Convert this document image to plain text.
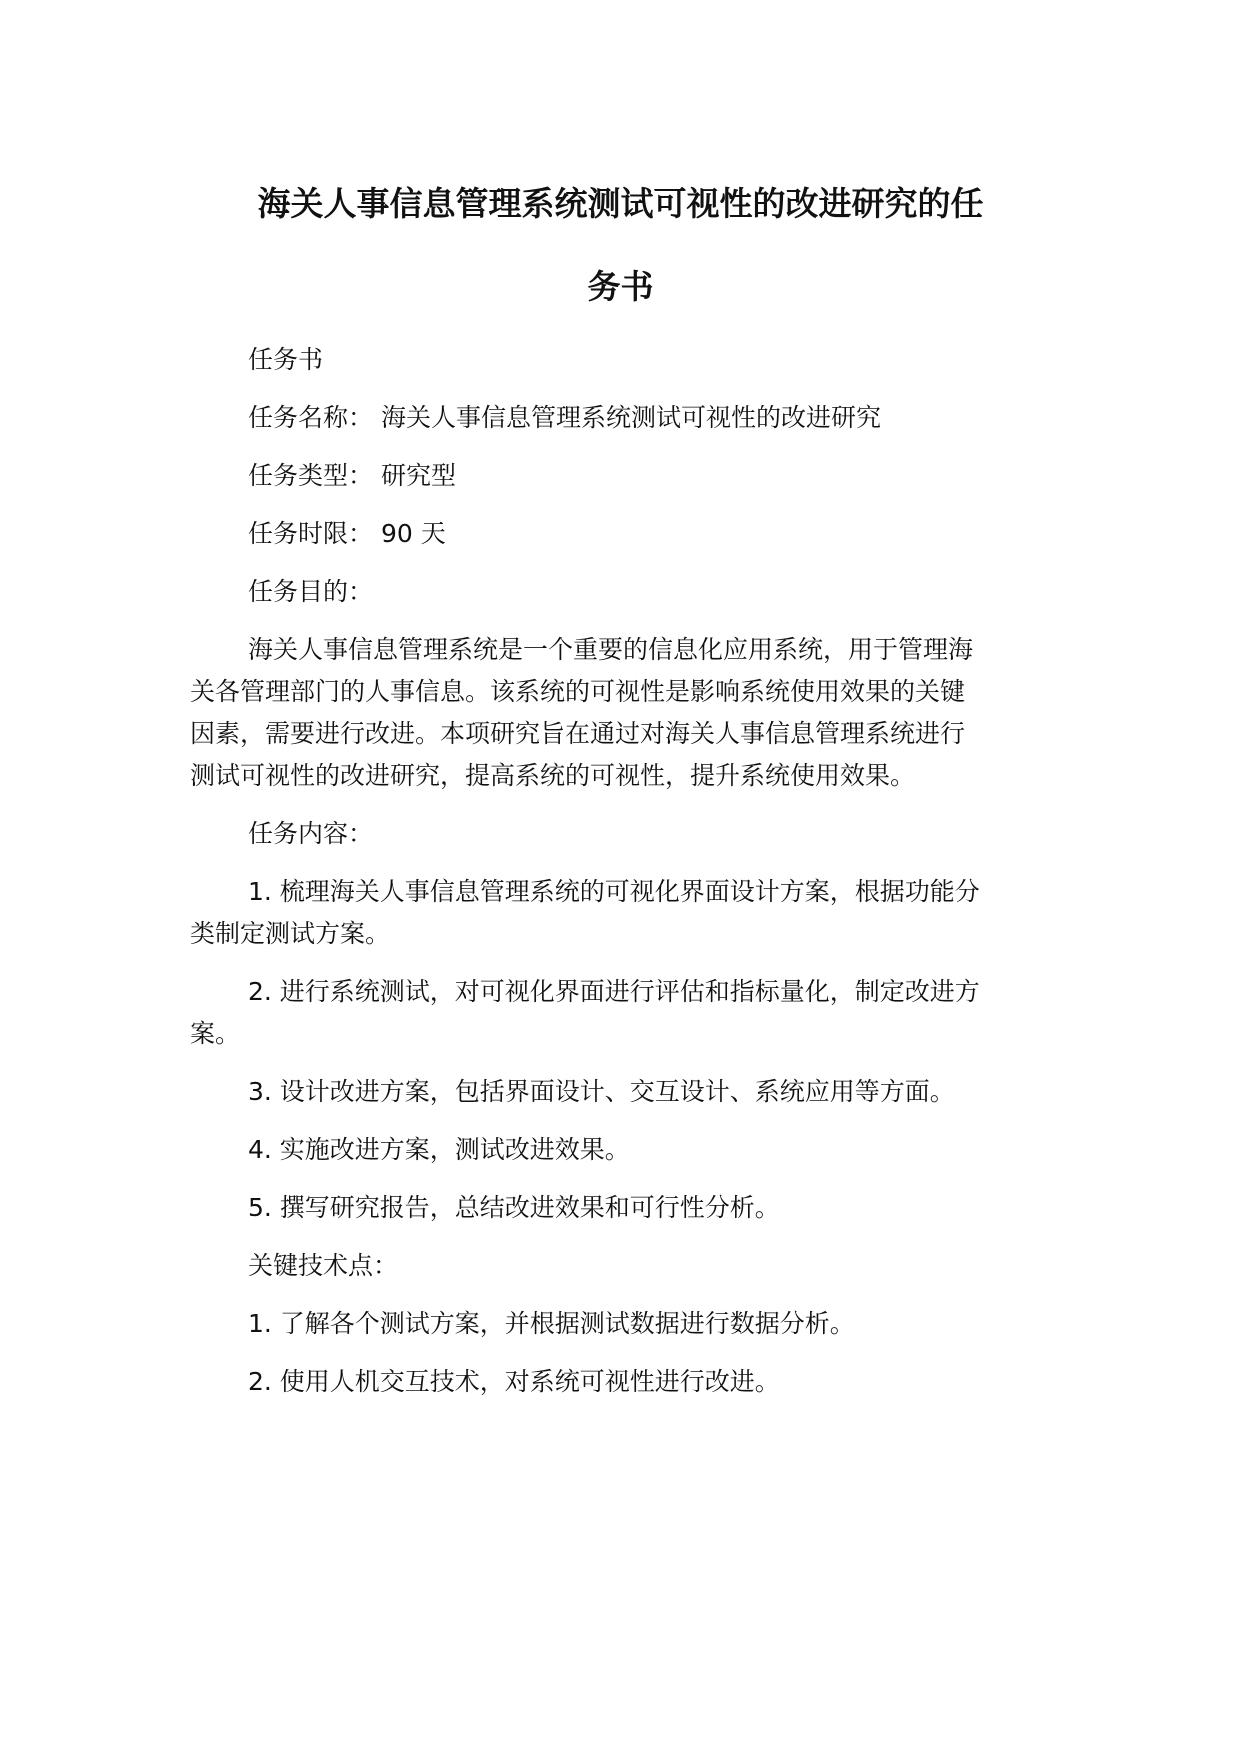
海关人事信息管理系统测试可视性的改进研究的任
务书

任务书

任务名称： 海关人事信息管理系统测试可视性的改进研究

任务类型： 研究型

任务时限： 90 天

任务目的：

海关人事信息管理系统是一个重要的信息化应用系统，用于管理海

关各管理部门的人事信息。该系统的可视性是影响系统使用效果的关键

因素，需要进行改进。本项研究旨在通过对海关人事信息管理系统进行

测试可视性的改进研究，提高系统的可视性，提升系统使用效果。

任务内容：

1. 梳理海关人事信息管理系统的可视化界面设计方案，根据功能分

类制定测试方案。

2. 进行系统测试，对可视化界面进行评估和指标量化，制定改进方

案。

3. 设计改进方案，包括界面设计、交互设计、系统应用等方面。

4. 实施改进方案，测试改进效果。

5. 撰写研究报告，总结改进效果和可行性分析。

关键技术点：

1. 了解各个测试方案，并根据测试数据进行数据分析。

2. 使用人机交互技术，对系统可视性进行改进。
